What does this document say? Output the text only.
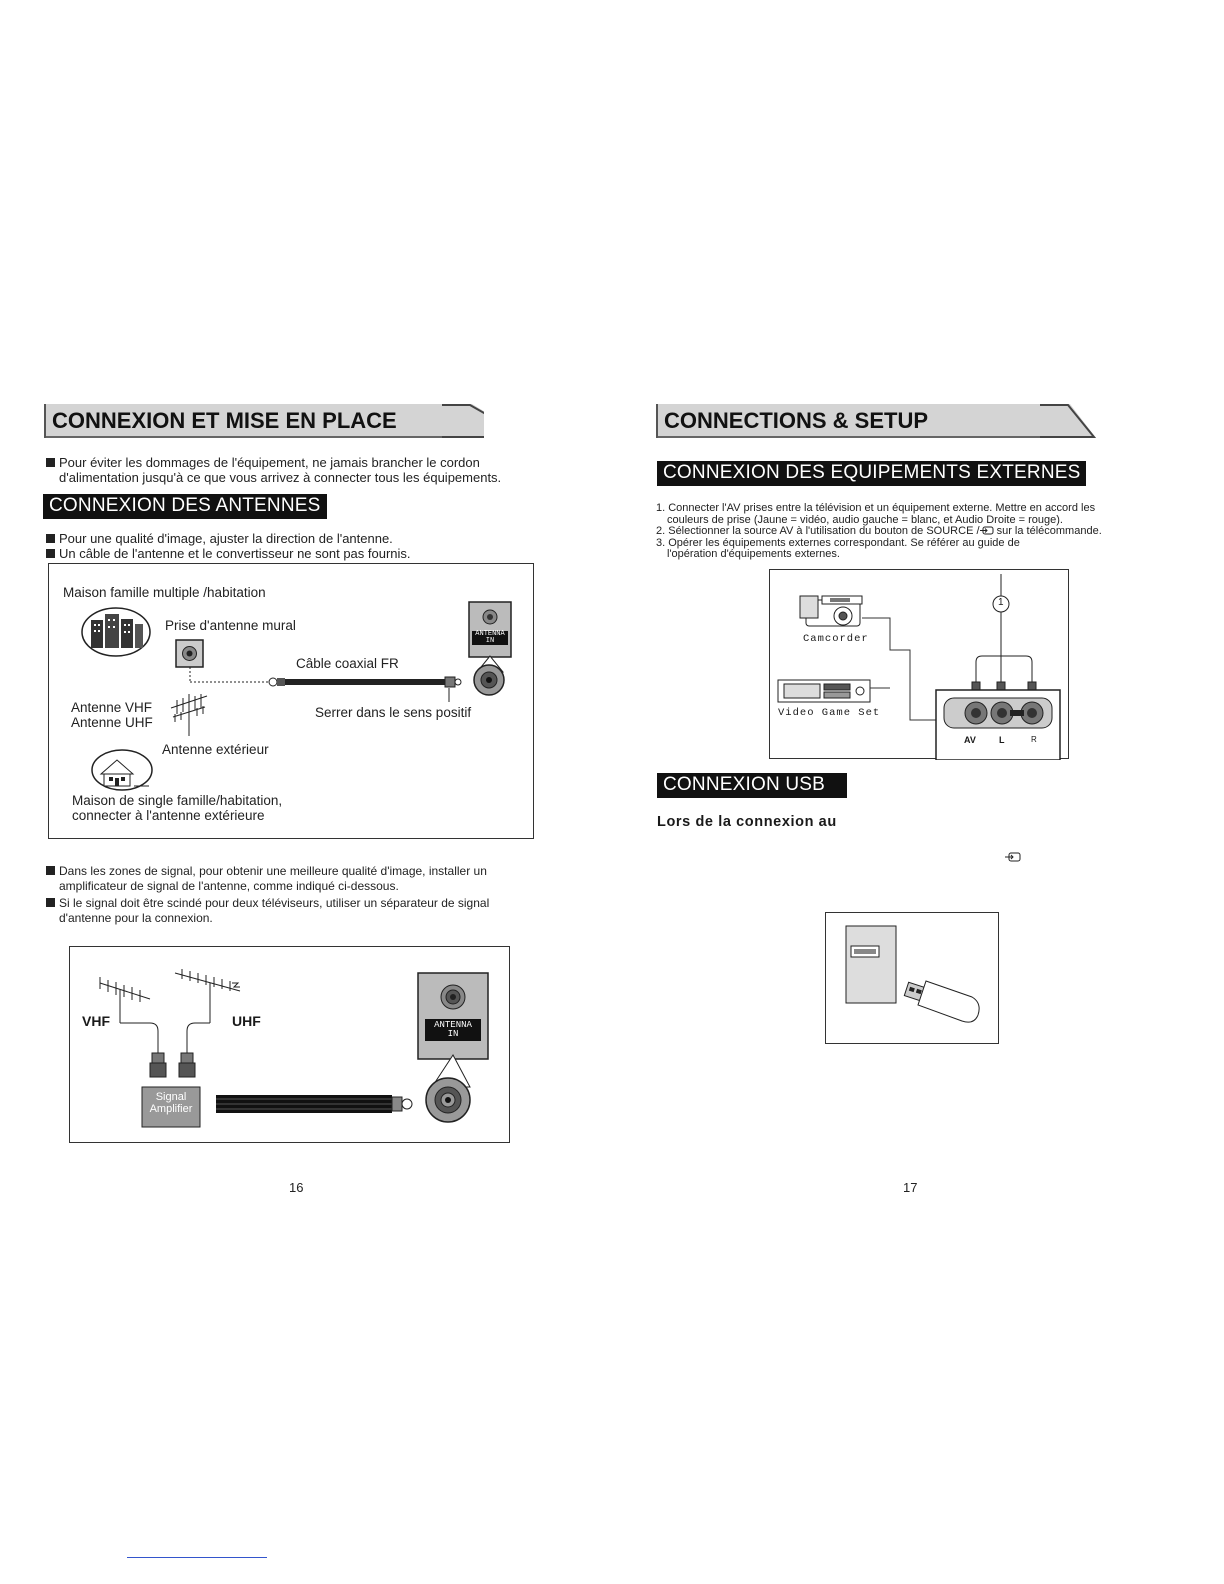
CONNEXION ET MISE EN PLACE
Pour éviter les dommages de l'équipement, ne jamais brancher le cordon
d'alimentation jusqu'à ce que vous arrivez à connecter tous les équipements.
CONNEXION DES ANTENNES
Pour une qualité d'image, ajuster la direction de l'antenne.
Un câble de l'antenne et le convertisseur ne sont pas fournis.
Maison famille multiple /habitation
Prise d'antenne mural
Câble coaxial FR
Antenne VHF
Antenne UHF
Serrer dans le sens positif
Antenne extérieur
Maison de single famille/habitation,
connecter à l'antenne extérieure
ANTENNA
IN
Dans les zones de signal, pour obtenir une meilleure qualité d'image, installer un
amplificateur de signal de l'antenne, comme indiqué ci-dessous.
Si le signal doit être scindé pour deux téléviseurs, utiliser un séparateur de signal
d'antenne pour la connexion.
VHF	UHF
Signal
Amplifier
ANTENNA
IN
16
CONNECTIONS & SETUP
CONNEXION DES EQUIPEMENTS EXTERNES
1. Connecter l'AV prises entre la télévision et un équipement externe. Mettre en accord les
couleurs de prise (Jaune = vidéo, audio gauche = blanc, et Audio Droite = rouge).
2. Sélectionner la source AV à l'utilisation du bouton de SOURCE / sur la télécommande.
3. Opérer les équipements externes correspondant. Se référer au guide de
l'opération d'équipements externes.
Camcorder
Video Game Set
1
AV	L	R
CONNEXION USB
Lors de la connexion au
17
